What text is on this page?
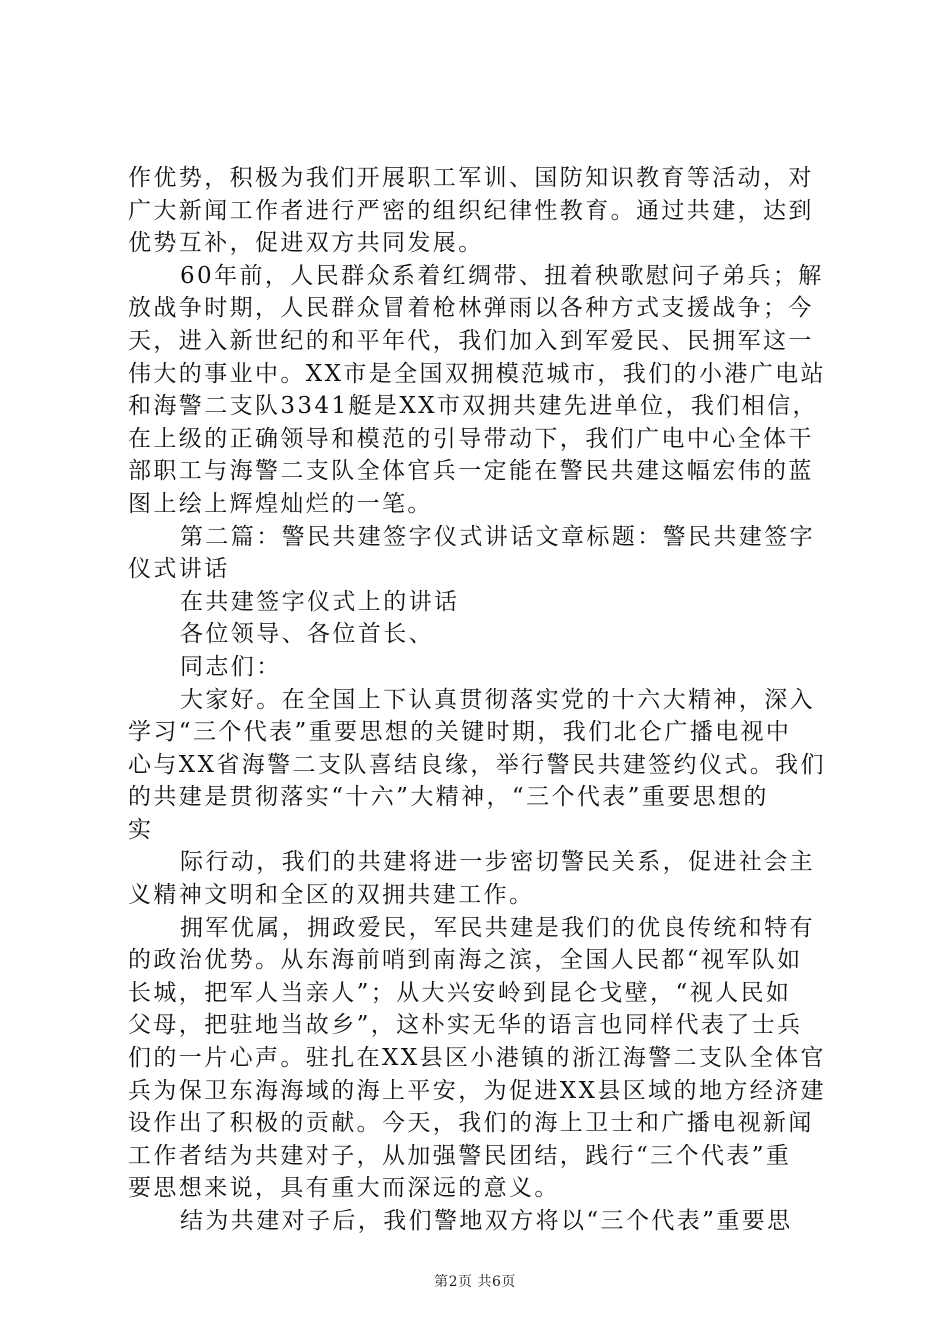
作优势，积极为我们开展职工军训、国防知识教育等活动，对
广大新闻工作者进行严密的组织纪律性教育。通过共建，达到
优势互补，促进双方共同发展。
60年前，人民群众系着红绸带、扭着秧歌慰问子弟兵；解
放战争时期，人民群众冒着枪林弹雨以各种方式支援战争；今
天，进入新世纪的和平年代，我们加入到军爱民、民拥军这一
伟大的事业中。XX市是全国双拥模范城市，我们的小港广电站
和海警二支队3341艇是XX市双拥共建先进单位，我们相信，
在上级的正确领导和模范的引导带动下，我们广电中心全体干
部职工与海警二支队全体官兵一定能在警民共建这幅宏伟的蓝
图上绘上辉煌灿烂的一笔。
第二篇：警民共建签字仪式讲话文章标题：警民共建签字
仪式讲话
在共建签字仪式上的讲话
各位领导、各位首长、
同志们：
大家好。在全国上下认真贯彻落实党的十六大精神，深入
学习“三个代表”重要思想的关键时期，我们北仑广播电视中
心与XX省海警二支队喜结良缘，举行警民共建签约仪式。我们
的共建是贯彻落实“十六”大精神，“三个代表”重要思想的
实
际行动，我们的共建将进一步密切警民关系，促进社会主
义精神文明和全区的双拥共建工作。
拥军优属，拥政爱民，军民共建是我们的优良传统和特有
的政治优势。从东海前哨到南海之滨，全国人民都“视军队如
长城，把军人当亲人”；从大兴安岭到昆仑戈壁，“视人民如
父母，把驻地当故乡”，这朴实无华的语言也同样代表了士兵
们的一片心声。驻扎在XX县区小港镇的浙江海警二支队全体官
兵为保卫东海海域的海上平安，为促进XX县区域的地方经济建
设作出了积极的贡献。今天，我们的海上卫士和广播电视新闻
工作者结为共建对子，从加强警民团结，践行“三个代表”重
要思想来说，具有重大而深远的意义。
结为共建对子后，我们警地双方将以“三个代表”重要思
第2页 共6页
